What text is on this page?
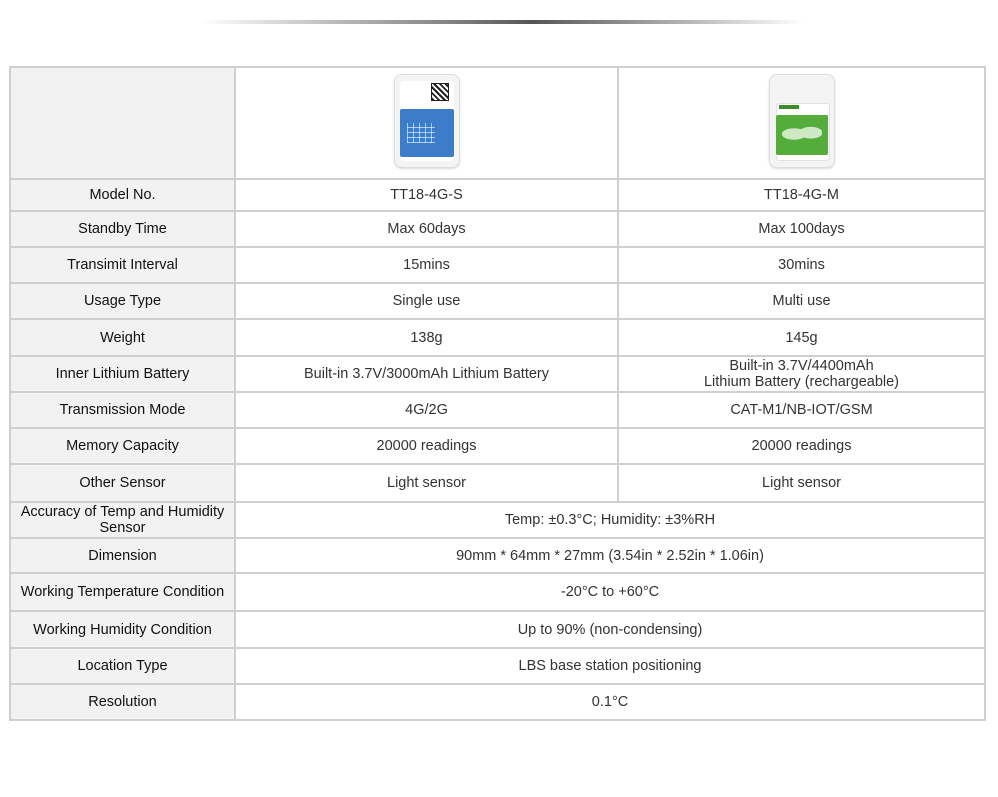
Model No.	TT18-4G-S	TT18-4G-M
Standby Time	Max 60days	Max 100days
Transimit Interval	15mins	30mins
Usage Type	Single use	Multi use
Weight	138g	145g
Inner Lithium Battery	Built-in 3.7V/3000mAh Lithium Battery	Built-in 3.7V/4400mAh
Lithium Battery (rechargeable)

Transmission Mode	4G/2G	CAT-M1/NB-IOT/GSM
Memory Capacity	20000 readings	20000 readings
Other Sensor	Light sensor	Light sensor

Accuracy of Temp and Humidity
Sensor	Temp: ±0.3°C; Humidity: ±3%RH	
Dimension	90mm * 64mm * 27mm (3.54in * 2.52in * 1.06in)	
Working Temperature Condition	-20°C to +60°C	
Working Humidity Condition	Up to 90% (non-condensing)	
Location Type	LBS base station positioning	
Resolution	0.1°C	
